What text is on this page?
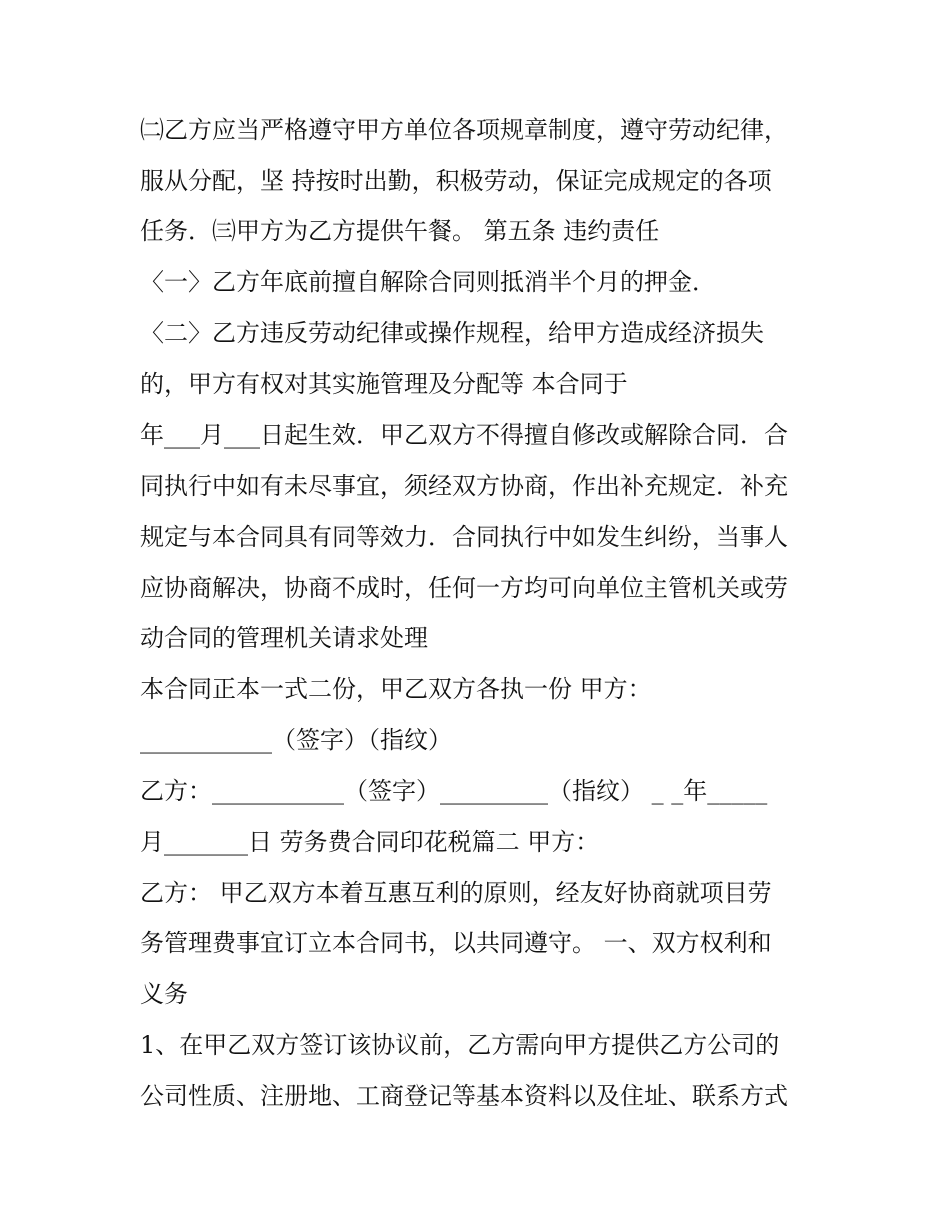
㈡乙方应当严格遵守甲方单位各项规章制度，遵守劳动纪律，
服从分配，坚 持按时出勤，积极劳动，保证完成规定的各项
任务．㈢甲方为乙方提供午餐。 第五条 违约责任
〈一〉乙方年底前擅自解除合同则抵消半个月的押金．
〈二〉乙方违反劳动纪律或操作规程，给甲方造成经济损失
的，甲方有权对其实施管理及分配等 本合同于
年___月___日起生效．甲乙双方不得擅自修改或解除合同．合
同执行中如有未尽事宜，须经双方协商，作出补充规定．补充
规定与本合同具有同等效力．合同执行中如发生纠纷，当事人
应协商解决，协商不成时，任何一方均可向单位主管机关或劳
动合同的管理机关请求处理
本合同正本一式二份，甲乙双方各执一份 甲方：
___________（签字）（指纹）
乙方：___________（签字）_________（指纹） _ _年_____
月_______日 劳务费合同印花税篇二 甲方：
乙方： 甲乙双方本着互惠互利的原则，经友好协商就项目劳
务管理费事宜订立本合同书，以共同遵守。 一、双方权利和
义务
1、在甲乙双方签订该协议前，乙方需向甲方提供乙方公司的
公司性质、注册地、工商登记等基本资料以及住址、联系方式
